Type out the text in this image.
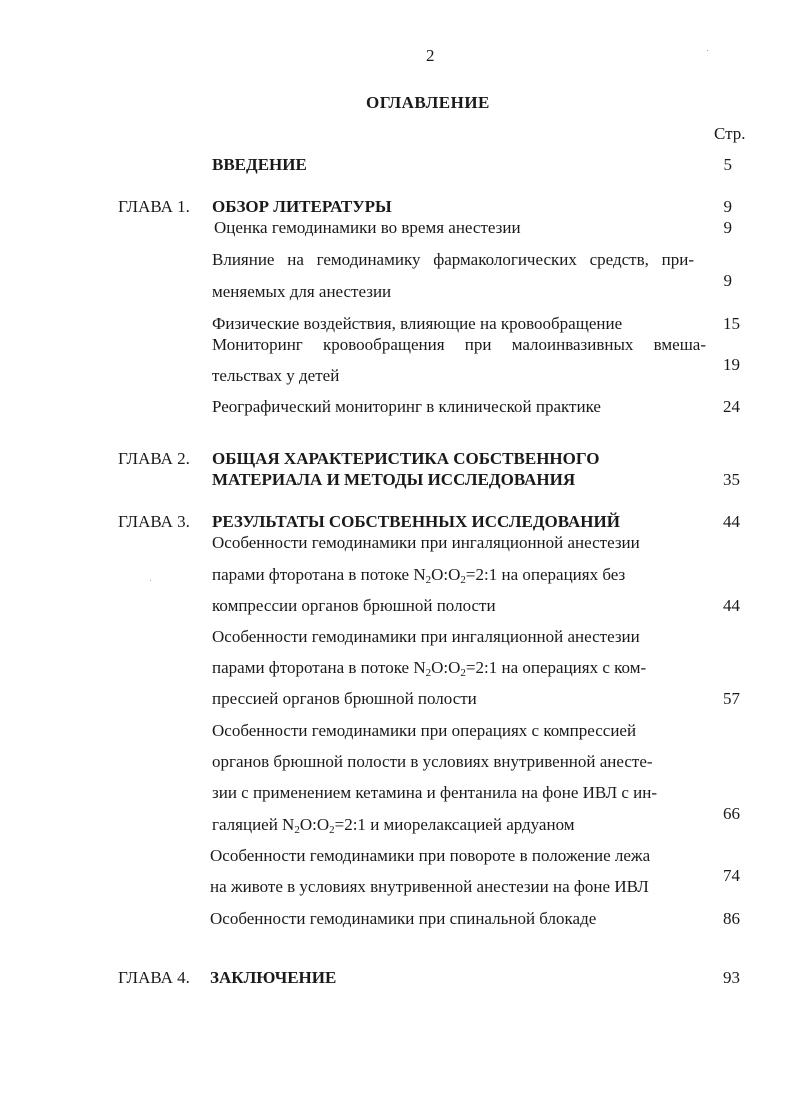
2
ОГЛАВЛЕНИЕ
Стр.
ВВЕДЕНИЕ	5
ГЛАВА 1. ОБЗОР ЛИТЕРАТУРЫ	9
Оценка гемодинамики во время анестезии	9
Влияние на гемодинамику фармакологических средств, при-
меняемых для анестезии
9
Физические воздействия, влияющие на кровообращение	15
Мониторинг кровообращения при малоинвазивных вмеша-
тельствах у детей
19
Реографический мониторинг в клинической практике	24
ГЛАВА 2. ОБЩАЯ ХАРАКТЕРИСТИКА СОБСТВЕННОГО
МАТЕРИАЛА И МЕТОДЫ ИССЛЕДОВАНИЯ	35
ГЛАВА 3. РЕЗУЛЬТАТЫ СОБСТВЕННЫХ ИССЛЕДОВАНИЙ	44
Особенности гемодинамики при ингаляционной анестезии
парами фторотана в потоке $N_2O:O_2=2:1$ на операциях без
компрессии органов брюшной полости	44
Особенности гемодинамики при ингаляционной анестезии
парами фторотана в потоке $N_2O:O_2=2:1$ на операциях с ком-
прессией органов брюшной полости	57
Особенности гемодинамики при операциях с компрессией
органов брюшной полости в условиях внутривенной анесте-
зии с применением кетамина и фентанила на фоне ИВЛ с ин-
галяцией $N_2O:O_2=2:1$ и миорелаксацией ардуаном
66
Особенности гемодинамики при повороте в положение лежа
на животе в условиях внутривенной анестезии на фоне ИВЛ
74
Особенности гемодинамики при спинальной блокаде	86
ГЛАВА 4. ЗАКЛЮЧЕНИЕ	93
